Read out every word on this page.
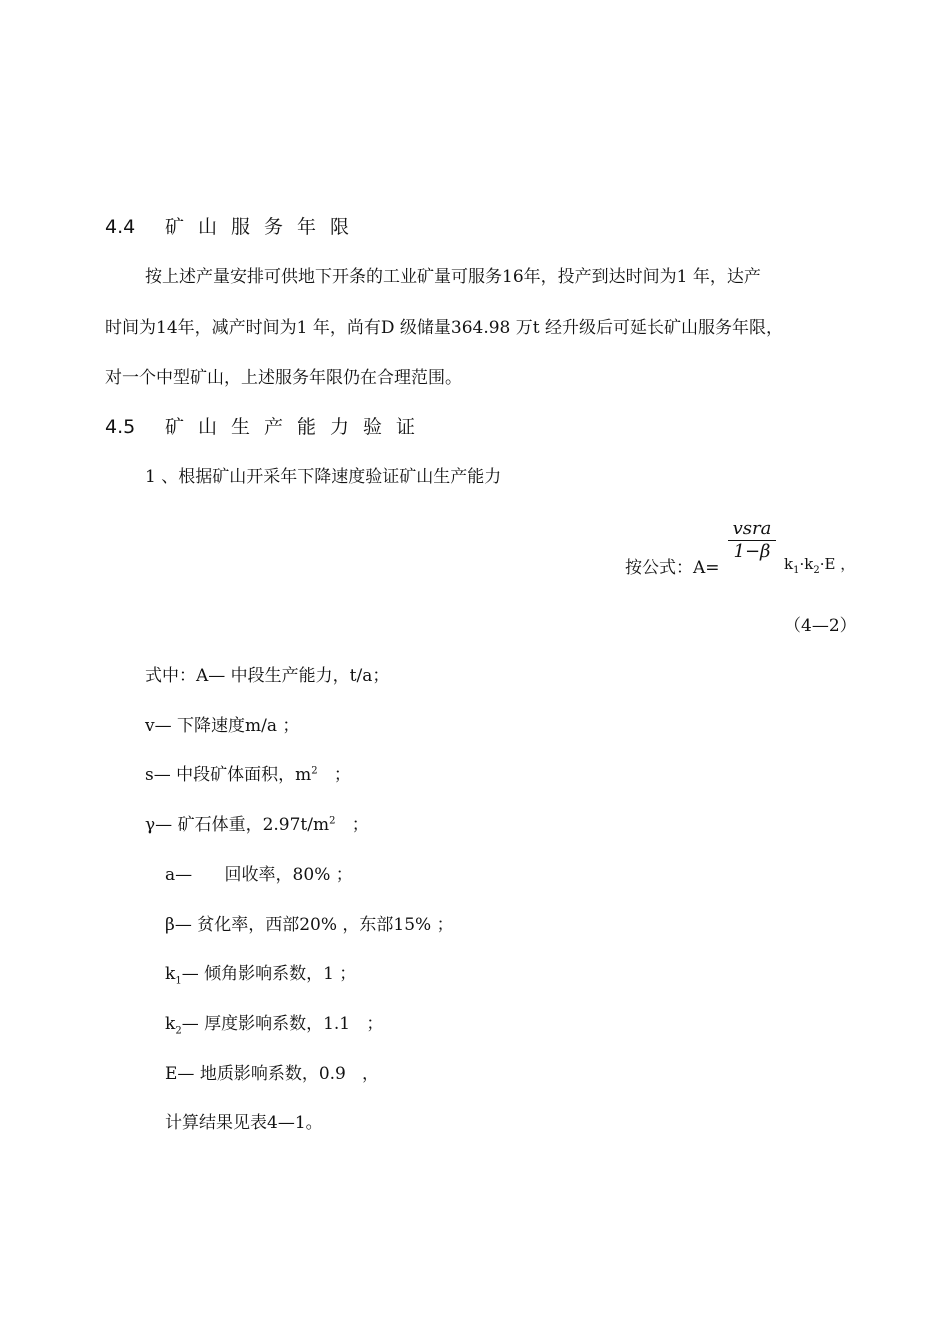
4.4 矿山服务年限
按上述产量安排可供地下开条的工业矿量可服务16年，投产到达时间为1 年，达产
时间为14年，减产时间为1 年，尚有D 级储量364.98 万t 经升级后可延长矿山服务年限，
对一个中型矿山，上述服务年限仍在合理范围。
4.5 矿山生产能力验证
1 、根据矿山开采年下降速度验证矿山生产能力
vsra
1−β
按公式：A=	$k_1\cdot k_2\cdot E$ ，
（4—2）
式中：A— 中段生产能力，t/a；
v— 下降速度m/a ；
s— 中段矿体面积，$m^2$   ；
γ— 矿石体重，$2.97t/m^2$   ；
a—      回收率，80% ；
β— 贫化率，西部20% ，东部15% ；
$k_1—$ 倾角影响系数，1 ；
$k_2—$ 厚度影响系数，1.1   ；
E— 地质影响系数，0.9   ，
计算结果见表4—1。
